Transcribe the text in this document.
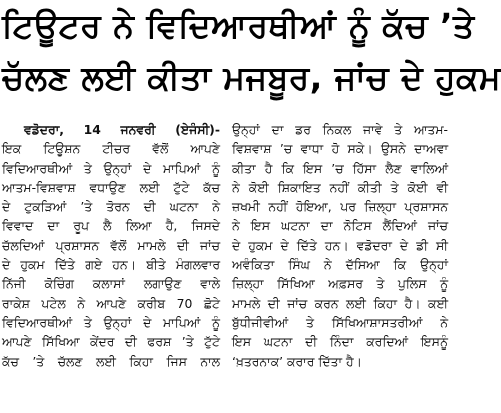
ਟਿਊਟਰ ਨੇ ਵਿਦਿਆਰਥੀਆਂ ਨੂੰ ਕੱਚ ’ਤੇ
ਚੱਲਣ ਲਈ ਕੀਤਾ ਮਜਬੂਰ, ਜਾਂਚ ਦੇ ਹੁਕਮ
ਵਡੋਦਰਾ, 14 ਜਨਵਰੀ (ਏਜੰਸੀ)-
ਇਕ ਟਿਊਸ਼ਨ ਟੀਚਰ ਵੱਲੋਂ ਆਪਣੇ
ਵਿਦਿਆਰਥੀਆਂ ਤੇ ਉਨ੍ਹਾਂ ਦੇ ਮਾਪਿਆਂ ਨੂੰ
ਆਤਮ-ਵਿਸ਼ਵਾਸ਼ ਵਧਾਉਣ ਲਈ ਟੁੱਟੇ ਕੱਚ
ਦੇ ਟੁਕੜਿਆਂ ’ਤੇ ਤੋਰਨ ਦੀ ਘਟਨਾ ਨੇ
ਵਿਵਾਦ ਦਾ ਰੂਪ ਲੈ ਲਿਆ ਹੈ, ਜਿਸਦੇ
ਚੱਲਦਿਆਂ ਪ੍ਰਸ਼ਾਸਨ ਵੱਲੋਂ ਮਾਮਲੇ ਦੀ ਜਾਂਚ
ਦੇ ਹੁਕਮ ਦਿੱਤੇ ਗਏ ਹਨ। ਬੀਤੇ ਮੰਗਲਵਾਰ
ਨਿੱਜੀ ਕੋਚਿੰਗ ਕਲਾਸਾਂ ਲਗਾਉਣ ਵਾਲੇ
ਰਾਕੇਸ਼ ਪਟੇਲ ਨੇ ਆਪਣੇ ਕਰੀਬ 70 ਛੋਟੇ
ਵਿਦਿਆਰਥੀਆਂ ਤੇ ਉਨ੍ਹਾਂ ਦੇ ਮਾਪਿਆਂ ਨੂੰ
ਆਪਣੇ ਸਿੱਖਿਆ ਕੇਂਦਰ ਦੀ ਫਰਸ਼ ’ਤੇ ਟੁੱਟੇ
ਕੱਚ ’ਤੇ ਚੱਲਣ ਲਈ ਕਿਹਾ ਜਿਸ ਨਾਲ
ਉਨ੍ਹਾਂ ਦਾ ਡਰ ਨਿਕਲ ਜਾਵੇ ਤੇ ਆਤਮ-
ਵਿਸ਼ਵਾਸ਼ ’ਚ ਵਾਧਾ ਹੋ ਸਕੇ। ਉਸਨੇ ਦਾਅਵਾ
ਕੀਤਾ ਹੈ ਕਿ ਇਸ ’ਚ ਹਿੱਸਾ ਲੈਣ ਵਾਲਿਆਂ
ਨੇ ਕੋਈ ਸ਼ਿਕਾਇਤ ਨਹੀਂ ਕੀਤੀ ਤੇ ਕੋਈ ਵੀ
ਜ਼ਖਮੀ ਨਹੀਂ ਹੋਇਆ, ਪਰ ਜ਼ਿਲ੍ਹਾ ਪ੍ਰਸ਼ਾਸਨ
ਨੇ ਇਸ ਘਟਨਾ ਦਾ ਨੋਟਿਸ ਲੈਂਦਿਆਂ ਜਾਂਚ
ਦੇ ਹੁਕਮ ਦੇ ਦਿੱਤੇ ਹਨ। ਵਡੋਦਰਾ ਦੇ ਡੀ ਸੀ
ਅਵੰਕਿਤਾ ਸਿੰਘ ਨੇ ਦੱਸਿਆ ਕਿ ਉਨ੍ਹਾਂ
ਜ਼ਿਲ੍ਹਾ ਸਿੱਖਿਆ ਅਫ਼ਸਰ ਤੇ ਪੁਲਿਸ ਨੂੰ
ਮਾਮਲੇ ਦੀ ਜਾਂਚ ਕਰਨ ਲਈ ਕਿਹਾ ਹੈ। ਕਈ
ਬੁੱਧੀਜੀਵੀਆਂ ਤੇ ਸਿੱਖਿਆਸ਼ਾਸਤਰੀਆਂ ਨੇ
ਇਸ ਘਟਨਾ ਦੀ ਨਿੰਦਾ ਕਰਦਿਆਂ ਇਸਨੂੰ
‘ਖ਼ਤਰਨਾਕ’ ਕਰਾਰ ਦਿੱਤਾ ਹੈ।
